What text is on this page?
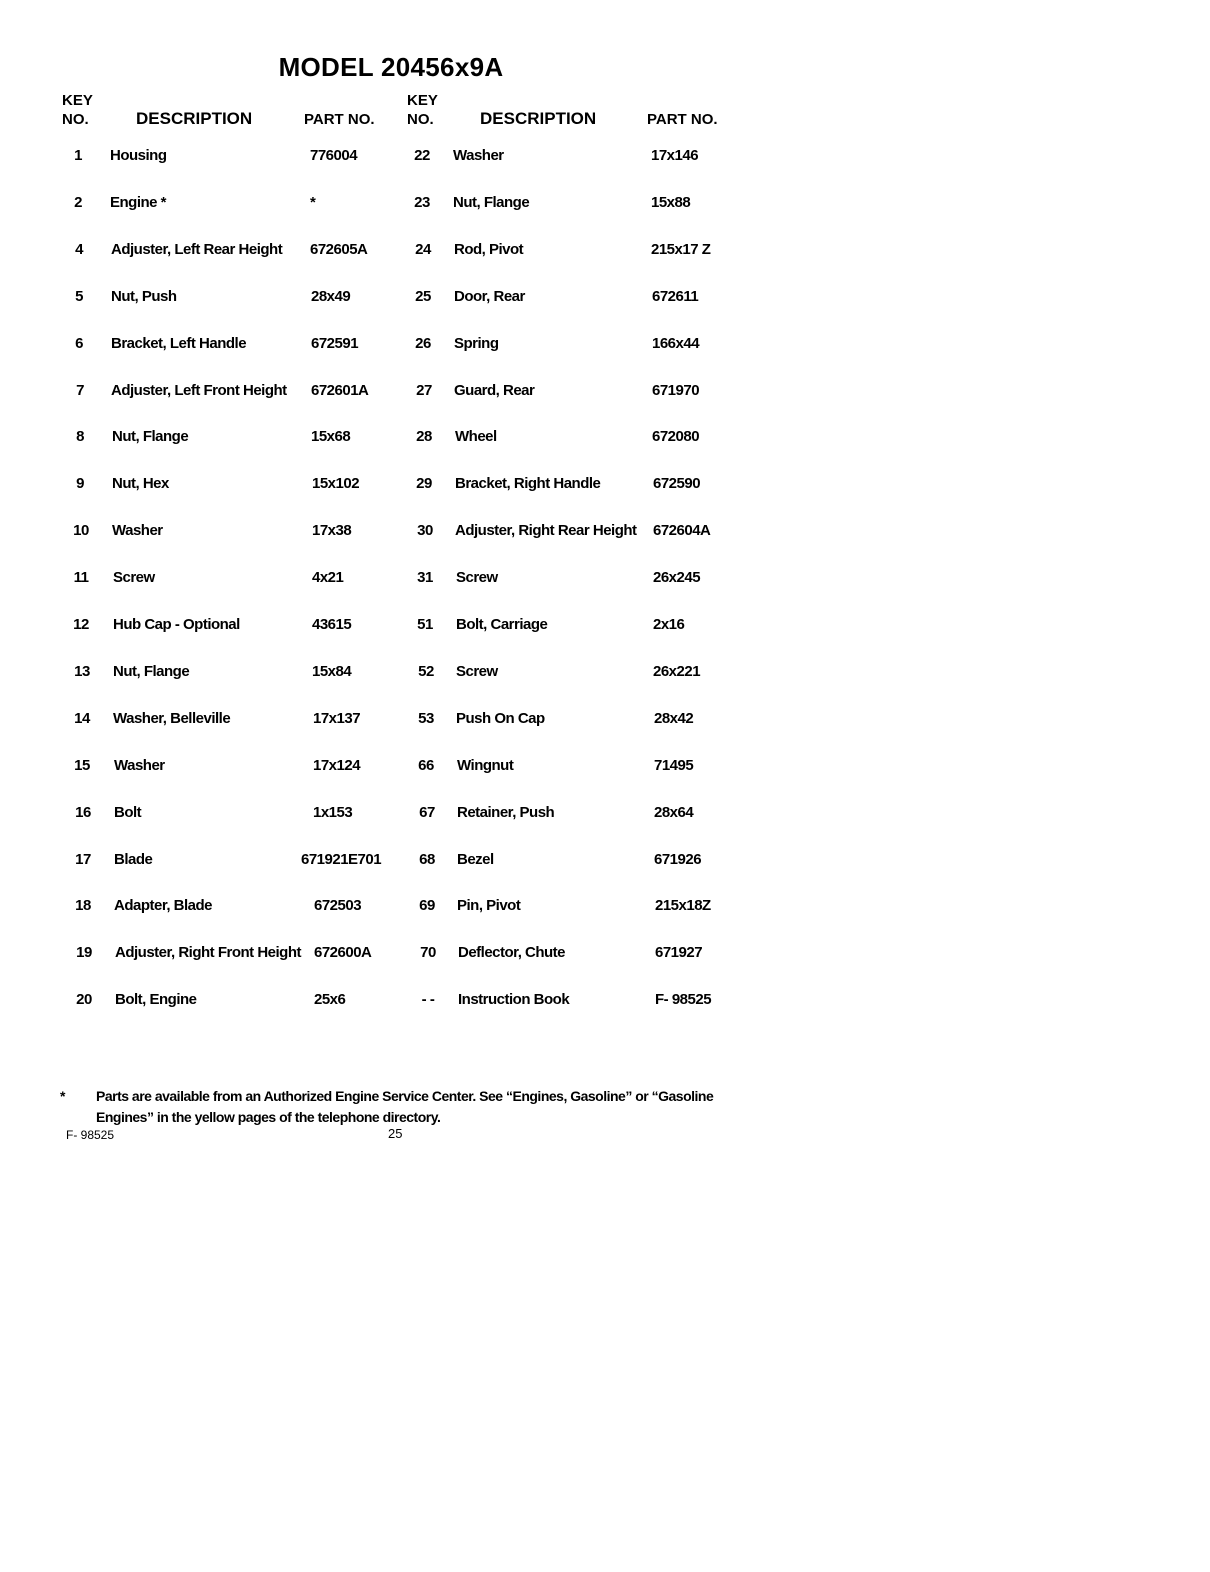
MODEL 20456x9A
KEY
NO.	DESCRIPTION	PART NO.
KEY
NO.	DESCRIPTION	PART NO.
1	Housing	776004
2	Engine *	*
4	Adjuster, Left Rear Height 672605A
5	Nut, Push	28x49
6	Bracket, Left Handle	672591
7	Adjuster, Left Front Height 672601A
8	Nut, Flange	15x68
9	Nut, Hex	15x102
10	Washer	17x38
11	Screw	4x21
12	Hub Cap - Optional	43615
13	Nut, Flange	15x84
14	Washer, Belleville	17x137
15	Washer	17x124
16	Bolt	1x153
17	Blade	671921E701
18	Adapter, Blade	672503
19	Adjuster, Right Front Height 672600A
20	Bolt, Engine	25x6
22	Washer	17x146
23	Nut, Flange	15x88
24	Rod, Pivot	215x17 Z
25	Door, Rear	672611
26	Spring	166x44
27	Guard, Rear	671970
28	Wheel	672080
29	Bracket, Right Handle	672590
30	Adjuster, Right Rear Height 672604A
31	Screw	26x245
51	Bolt, Carriage	2x16
52	Screw	26x221
53	Push On Cap	28x42
66	Wingnut	71495
67	Retainer, Push	28x64
68	Bezel	671926
69	Pin, Pivot	215x18Z
70	Deflector, Chute	671927
- -	Instruction Book	F- 98525
* Parts are available from an Authorized Engine Service Center. See “Engines, Gasoline” or “Gasoline
Engines” in the yellow pages of the telephone directory.
F- 98525	25
